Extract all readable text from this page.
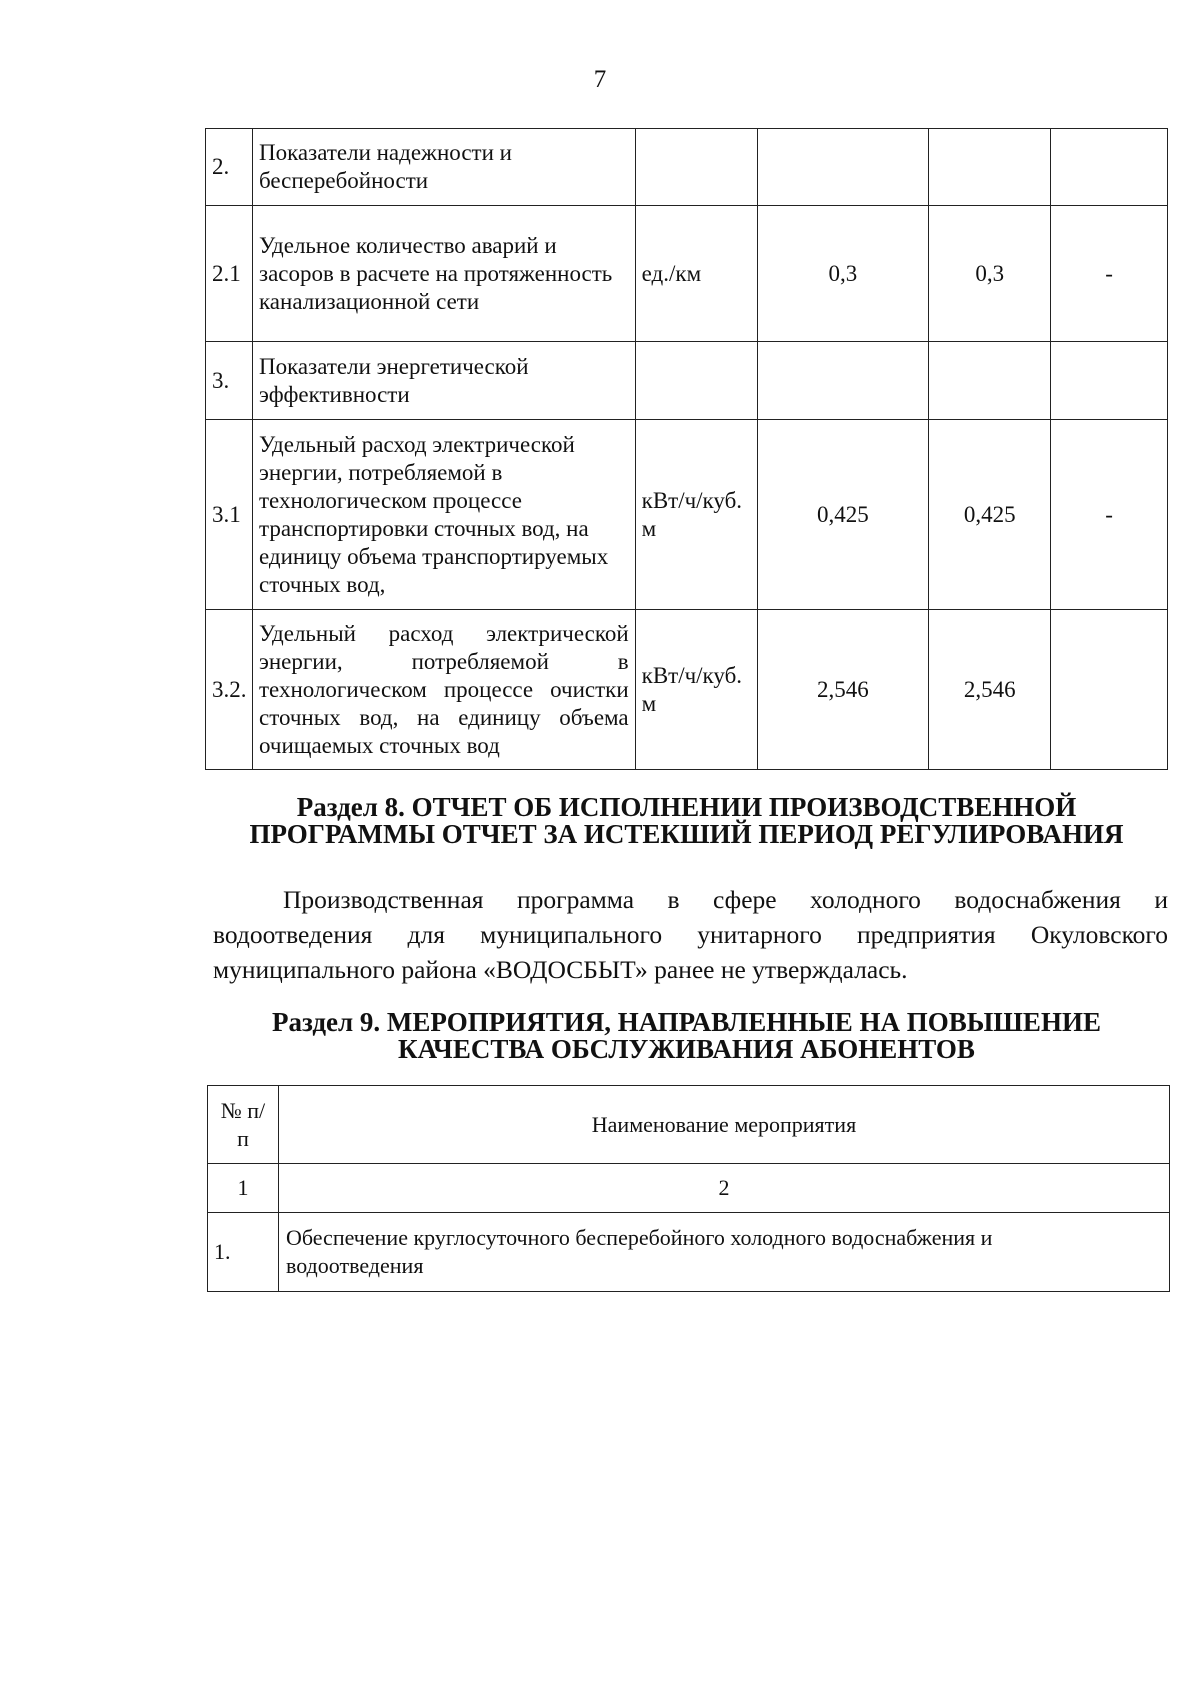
7
2.	Показатели надежности и бесперебойности				
2.1	Удельное количество аварий и засоров в расчете на протяженность канализационной сети	ед./км	0,3	0,3	-
3.	Показатели энергетической эффективности				
3.1	Удельный расход электрической энергии, потребляемой в технологическом процессе транспортировки сточных вод, на единицу объема транспортируемых сточных вод,	кВт/ч/куб. м	0,425	0,425	-
3.2.	Удельный расход электрической энергии, потребляемой в технологическом процессе очистки сточных вод, на единицу объема очищаемых сточных вод	кВт/ч/куб. м	2,546	2,546	
Раздел 8. ОТЧЕТ ОБ ИСПОЛНЕНИИ ПРОИЗВОДСТВЕННОЙ
ПРОГРАММЫ ОТЧЕТ ЗА ИСТЕКШИЙ ПЕРИОД РЕГУЛИРОВАНИЯ

Производственная программа в сфере холодного водоснабжения и водоотведения для муниципального унитарного предприятия Окуловского муниципального района «ВОДОСБЫТ» ранее не утверждалась.

Раздел 9. МЕРОПРИЯТИЯ, НАПРАВЛЕННЫЕ НА ПОВЫШЕНИЕ
КАЧЕСТВА ОБСЛУЖИВАНИЯ АБОНЕНТОВ
№ п/п	Наименование мероприятия
1	2
1.	Обеспечение круглосуточного бесперебойного холодного водоснабжения и водоотведения
